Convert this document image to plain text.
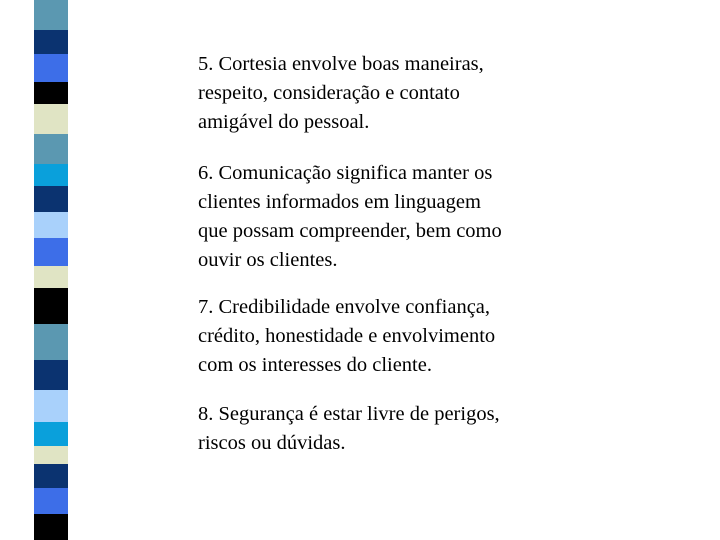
5. Cortesia envolve boas maneiras,
respeito, consideração e contato
amigável do pessoal.

6. Comunicação significa manter os
clientes informados em linguagem
que possam compreender, bem como
ouvir os clientes.

7. Credibilidade envolve confiança,
crédito, honestidade e envolvimento
com os interesses do cliente.

8. Segurança é estar livre de perigos,
riscos ou dúvidas.
